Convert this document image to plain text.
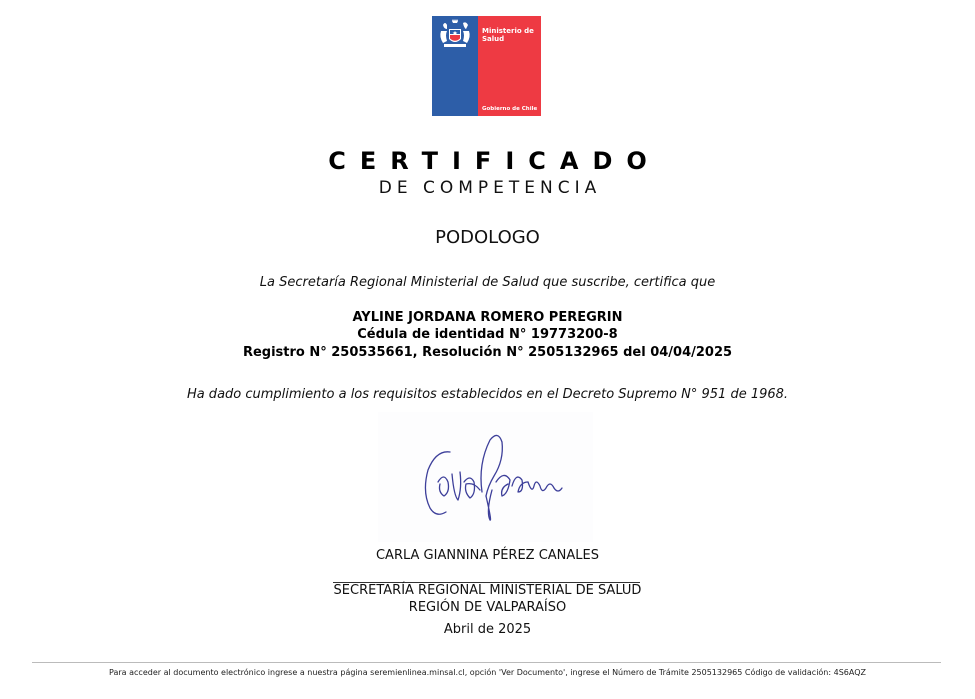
Ministerio de
Salud
Gobierno de Chile
CERTIFICADO
DE COMPETENCIA
PODOLOGO
La Secretaría Regional Ministerial de Salud que suscribe, certifica que
AYLINE JORDANA ROMERO PEREGRIN
Cédula de identidad N° 19773200-8
Registro N° 250535661, Resolución N° 2505132965 del 04/04/2025
Ha dado cumplimiento a los requisitos establecidos en el Decreto Supremo N° 951 de 1968.
CARLA GIANNINA PÉREZ CANALES
SECRETARÍA REGIONAL MINISTERIAL DE SALUD
REGIÓN DE VALPARAÍSO
Abril de 2025
Para acceder al documento electrónico ingrese a nuestra página seremienlinea.minsal.cl, opción 'Ver Documento', ingrese el Número de Trámite 2505132965 Código de validación: 4S6AQZ
